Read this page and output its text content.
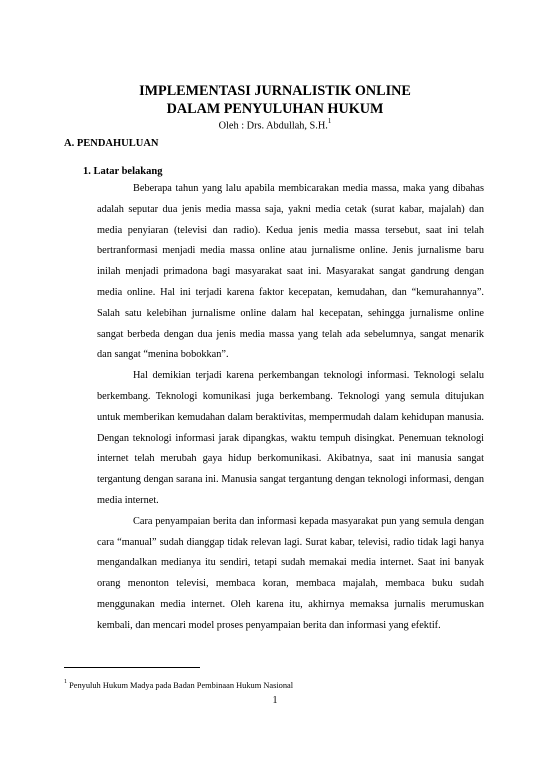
IMPLEMENTASI JURNALISTIK ONLINE
DALAM PENYULUHAN HUKUM
Oleh : Drs. Abdullah, S.H.$^1$
A. PENDAHULUAN
1. Latar belakang

Beberapa tahun yang lalu apabila membicarakan media massa, maka yang dibahas adalah seputar dua jenis media massa saja, yakni media cetak (surat kabar, majalah) dan media penyiaran (televisi dan radio). Kedua jenis media massa tersebut, saat ini telah bertranformasi menjadi media massa online atau jurnalisme online. Jenis jurnalisme baru inilah menjadi primadona bagi masyarakat saat ini. Masyarakat sangat gandrung dengan media online. Hal ini terjadi karena faktor kecepatan, kemudahan, dan “kemurahannya”. Salah satu kelebihan jurnalisme online dalam hal kecepatan, sehingga jurnalisme online sangat berbeda dengan dua jenis media massa yang telah ada sebelumnya, sangat menarik dan sangat “menina bobokkan”.

Hal demikian terjadi karena perkembangan teknologi informasi. Teknologi selalu berkembang. Teknologi komunikasi juga berkembang. Teknologi yang semula ditujukan untuk memberikan kemudahan dalam beraktivitas, mempermudah dalam kehidupan manusia. Dengan teknologi informasi jarak dipangkas, waktu tempuh disingkat. Penemuan teknologi internet telah merubah gaya hidup berkomunikasi. Akibatnya, saat ini manusia sangat tergantung dengan sarana ini. Manusia sangat tergantung dengan teknologi informasi, dengan media internet.

Cara penyampaian berita dan informasi kepada masyarakat pun yang semula dengan cara “manual” sudah dianggap tidak relevan lagi. Surat kabar, televisi, radio tidak lagi hanya mengandalkan medianya itu sendiri, tetapi sudah memakai media internet. Saat ini banyak orang menonton televisi, membaca koran, membaca majalah, membaca buku sudah menggunakan media internet. Oleh karena itu, akhirnya memaksa jurnalis merumuskan kembali, dan mencari model proses penyampaian berita dan informasi yang efektif.

$^1$ Penyuluh Hukum Madya pada Badan Pembinaan Hukum Nasional
1
